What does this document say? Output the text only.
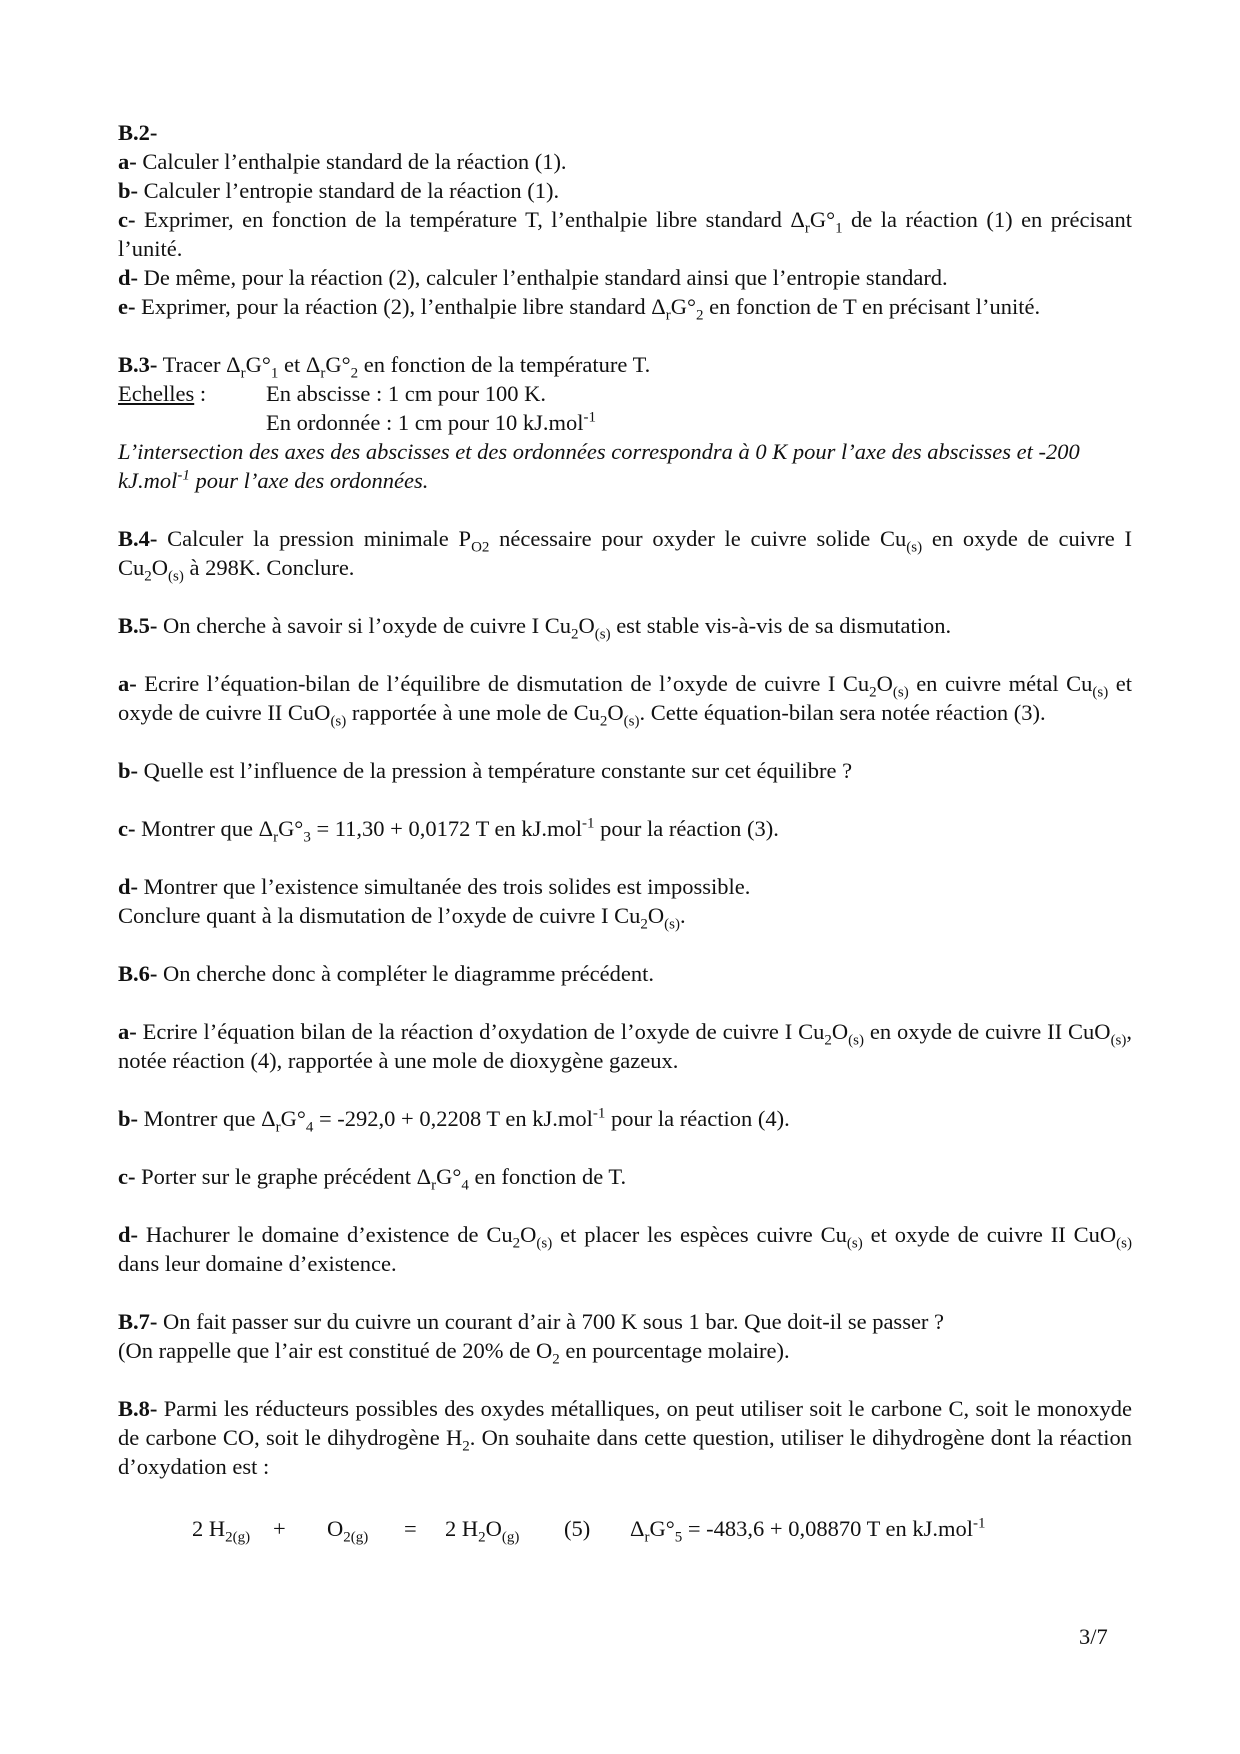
B.2-

a- Calculer l’enthalpie standard de la réaction (1).

b- Calculer l’entropie standard de la réaction (1).

c- Exprimer, en fonction de la température T, l’enthalpie libre standard $\Delta_rG^\circ_1$ de la réaction (1) en précisant l’unité.

d- De même, pour la réaction (2), calculer l’enthalpie standard ainsi que l’entropie standard.

e- Exprimer, pour la réaction (2), l’enthalpie libre standard $\Delta_rG^\circ_2$ en fonction de T en précisant l’unité.

B.3- Tracer $\Delta_rG^\circ_1$ et $\Delta_rG^\circ_2$ en fonction de la température T.

Echelles :	En abscisse : 1 cm pour 100 K.

En ordonnée : 1 cm pour 10 kJ.mol$^{-1}$

L’intersection des axes des abscisses et des ordonnées correspondra à 0 K pour l’axe des abscisses et -200 kJ.mol$^{-1}$ pour l’axe des ordonnées.

B.4- Calculer la pression minimale $P_{O2}$ nécessaire pour oxyder le cuivre solide $Cu_{(s)}$ en oxyde de cuivre I $Cu_2O_{(s)}$ à 298K. Conclure.

B.5- On cherche à savoir si l’oxyde de cuivre I $Cu_2O_{(s)}$ est stable vis-à-vis de sa dismutation.

a- Ecrire l’équation-bilan de l’équilibre de dismutation de l’oxyde de cuivre I $Cu_2O_{(s)}$ en cuivre métal $Cu_{(s)}$ et oxyde de cuivre II CuO$_{(s)}$ rapportée à une mole de $Cu_2O_{(s)}$. Cette équation-bilan sera notée réaction (3).

b- Quelle est l’influence de la pression à température constante sur cet équilibre ?

c- Montrer que $\Delta_rG^\circ_3 = 11,30 + 0,0172$ T en kJ.mol$^{-1}$ pour la réaction (3).

d- Montrer que l’existence simultanée des trois solides est impossible.

Conclure quant à la dismutation de l’oxyde de cuivre I $Cu_2O_{(s)}$.

B.6- On cherche donc à compléter le diagramme précédent.

a- Ecrire l’équation bilan de la réaction d’oxydation de l’oxyde de cuivre I $Cu_2O_{(s)}$ en oxyde de cuivre II CuO$_{(s)}$, notée réaction (4), rapportée à une mole de dioxygène gazeux.

b- Montrer que $\Delta_rG^\circ_4 = -292,0 + 0,2208$ T en kJ.mol$^{-1}$ pour la réaction (4).

c- Porter sur le graphe précédent $\Delta_rG^\circ_4$ en fonction de T.

d- Hachurer le domaine d’existence de $Cu_2O_{(s)}$ et placer les espèces cuivre $Cu_{(s)}$ et oxyde de cuivre II CuO$_{(s)}$ dans leur domaine d’existence.

B.7- On fait passer sur du cuivre un courant d’air à 700 K sous 1 bar. Que doit-il se passer ?

(On rappelle que l’air est constitué de 20% de $O_2$ en pourcentage molaire).

B.8- Parmi les réducteurs possibles des oxydes métalliques, on peut utiliser soit le carbone C, soit le monoxyde de carbone CO, soit le dihydrogène $H_2$. On souhaite dans cette question, utiliser le dihydrogène dont la réaction d’oxydation est :

2 $H_{2(g)} + O_{2(g)} = 2$ $H_2O_{(g)}$ (5) $\Delta_rG^\circ_5 = -483,6 + 0,08870$ T en kJ.mol$^{-1}$
3/7
